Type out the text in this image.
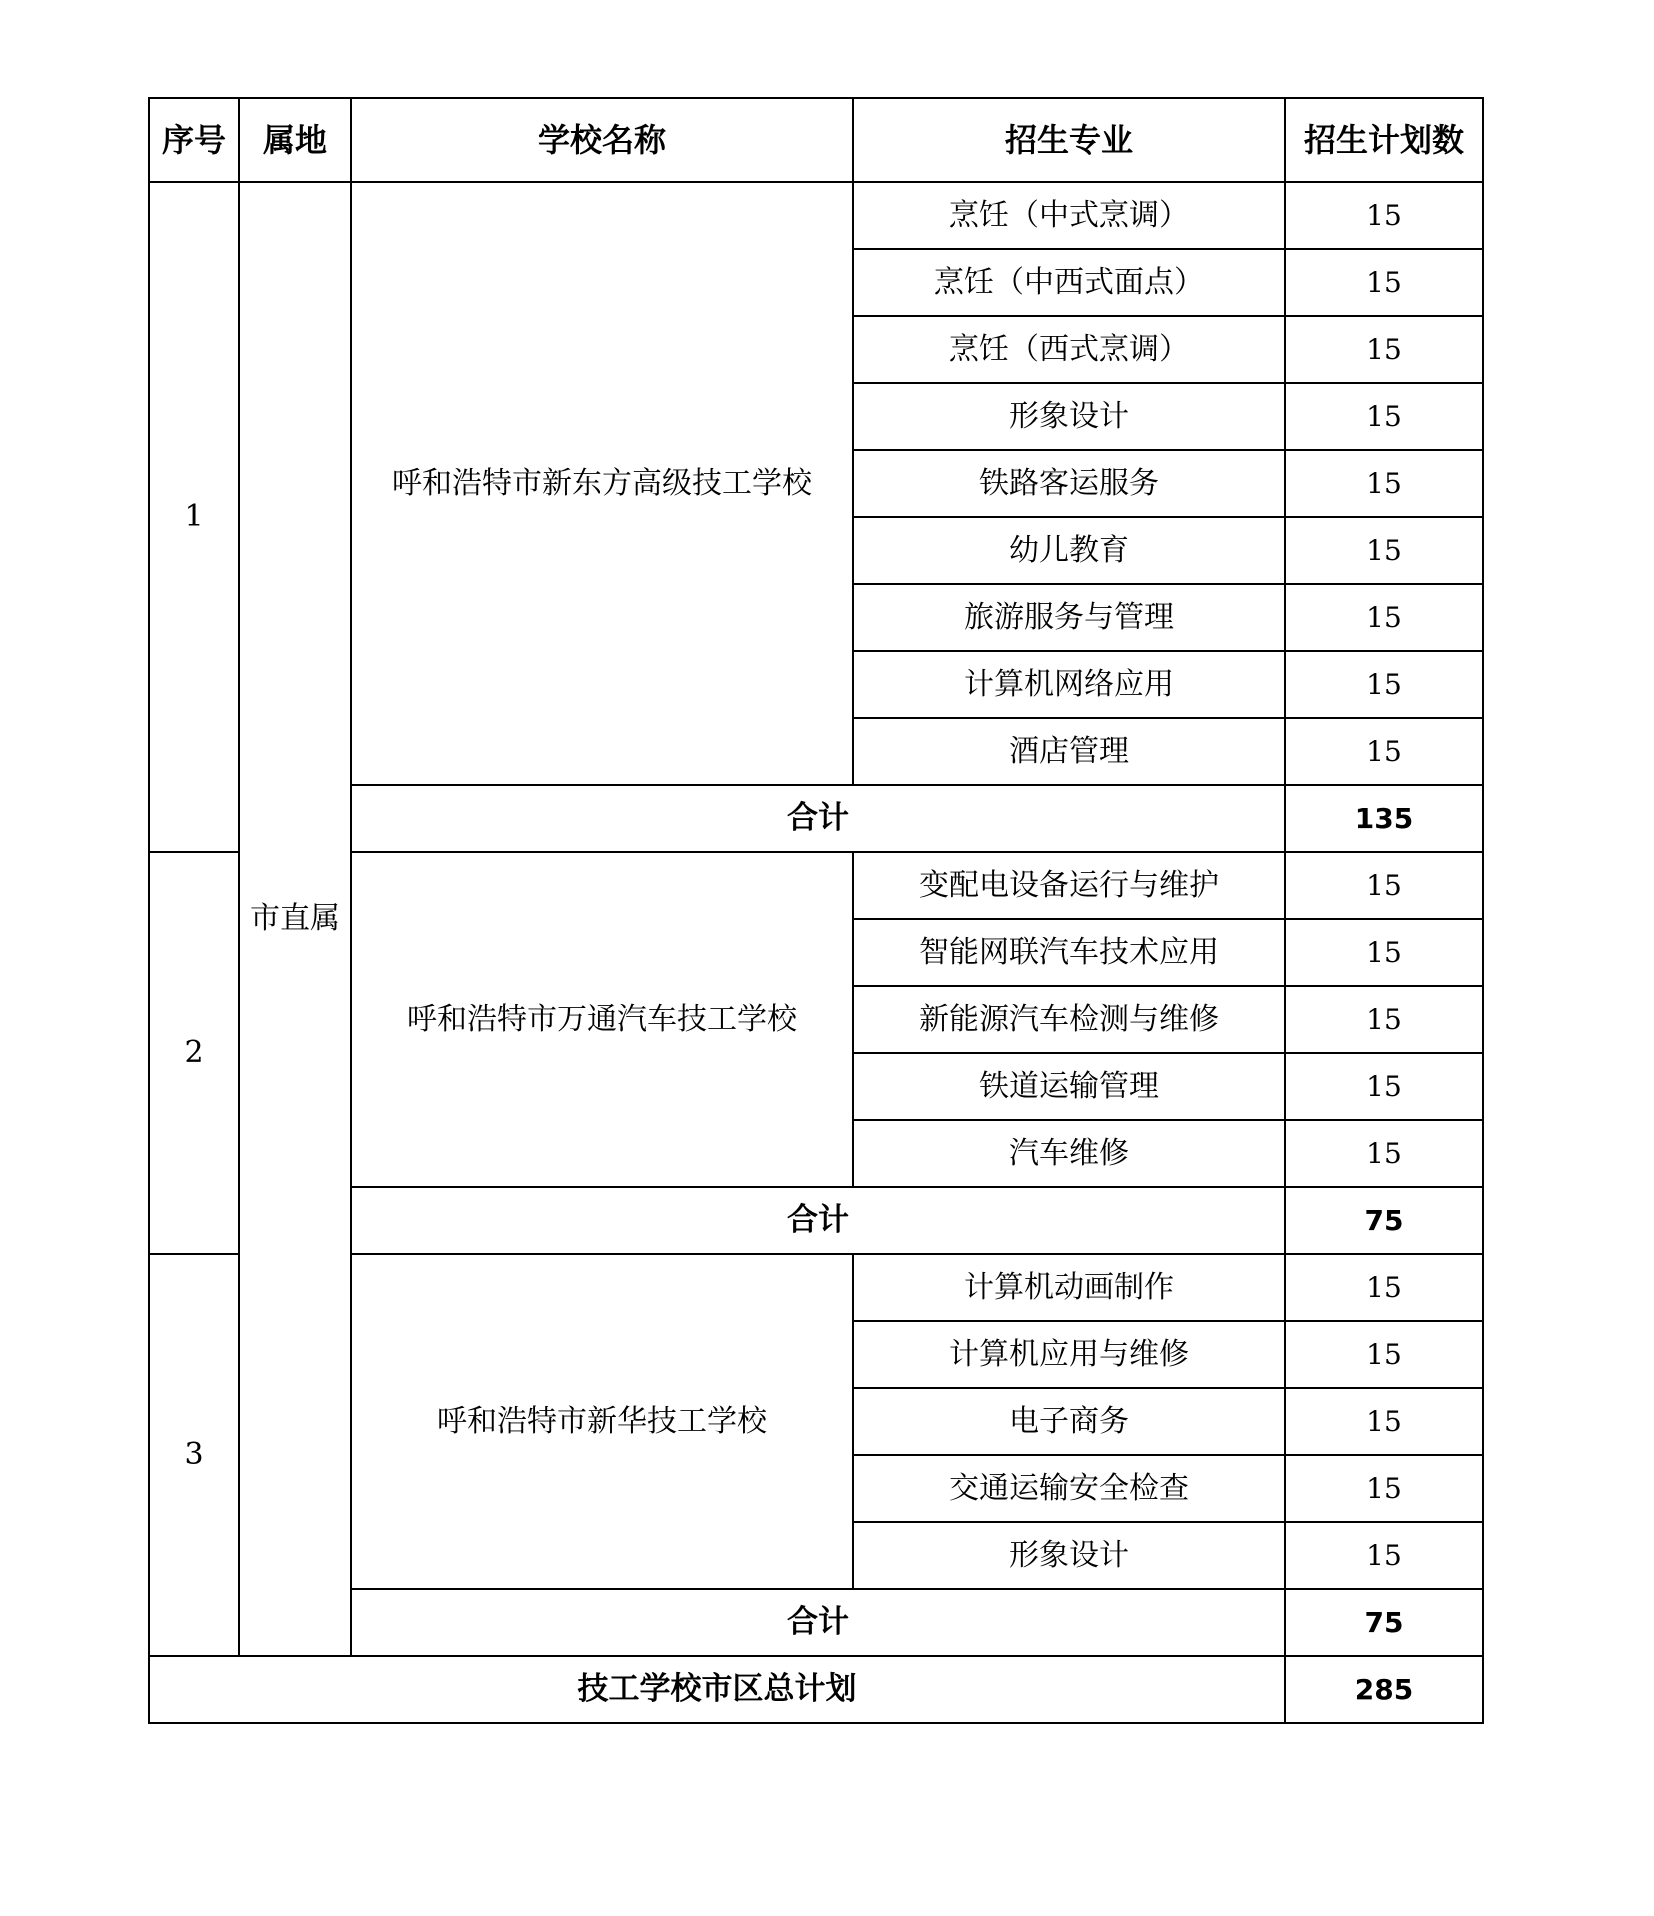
序号	属地	学校名称	招生专业	招生计划数
1	市直属	呼和浩特市新东方高级技工学校	烹饪（中式烹调）	15
			烹饪（中西式面点）	15
			烹饪（西式烹调）	15
			形象设计	15
			铁路客运服务	15
			幼儿教育	15
			旅游服务与管理	15
			计算机网络应用	15
			酒店管理	15
		合计		135
2		呼和浩特市万通汽车技工学校	变配电设备运行与维护	15
			智能网联汽车技术应用	15
			新能源汽车检测与维修	15
			铁道运输管理	15
			汽车维修	15
		合计		75
3		呼和浩特市新华技工学校	计算机动画制作	15
			计算机应用与维修	15
			电子商务	15
			交通运输安全检查	15
			形象设计	15
		合计		75
技工学校市区总计划				285
